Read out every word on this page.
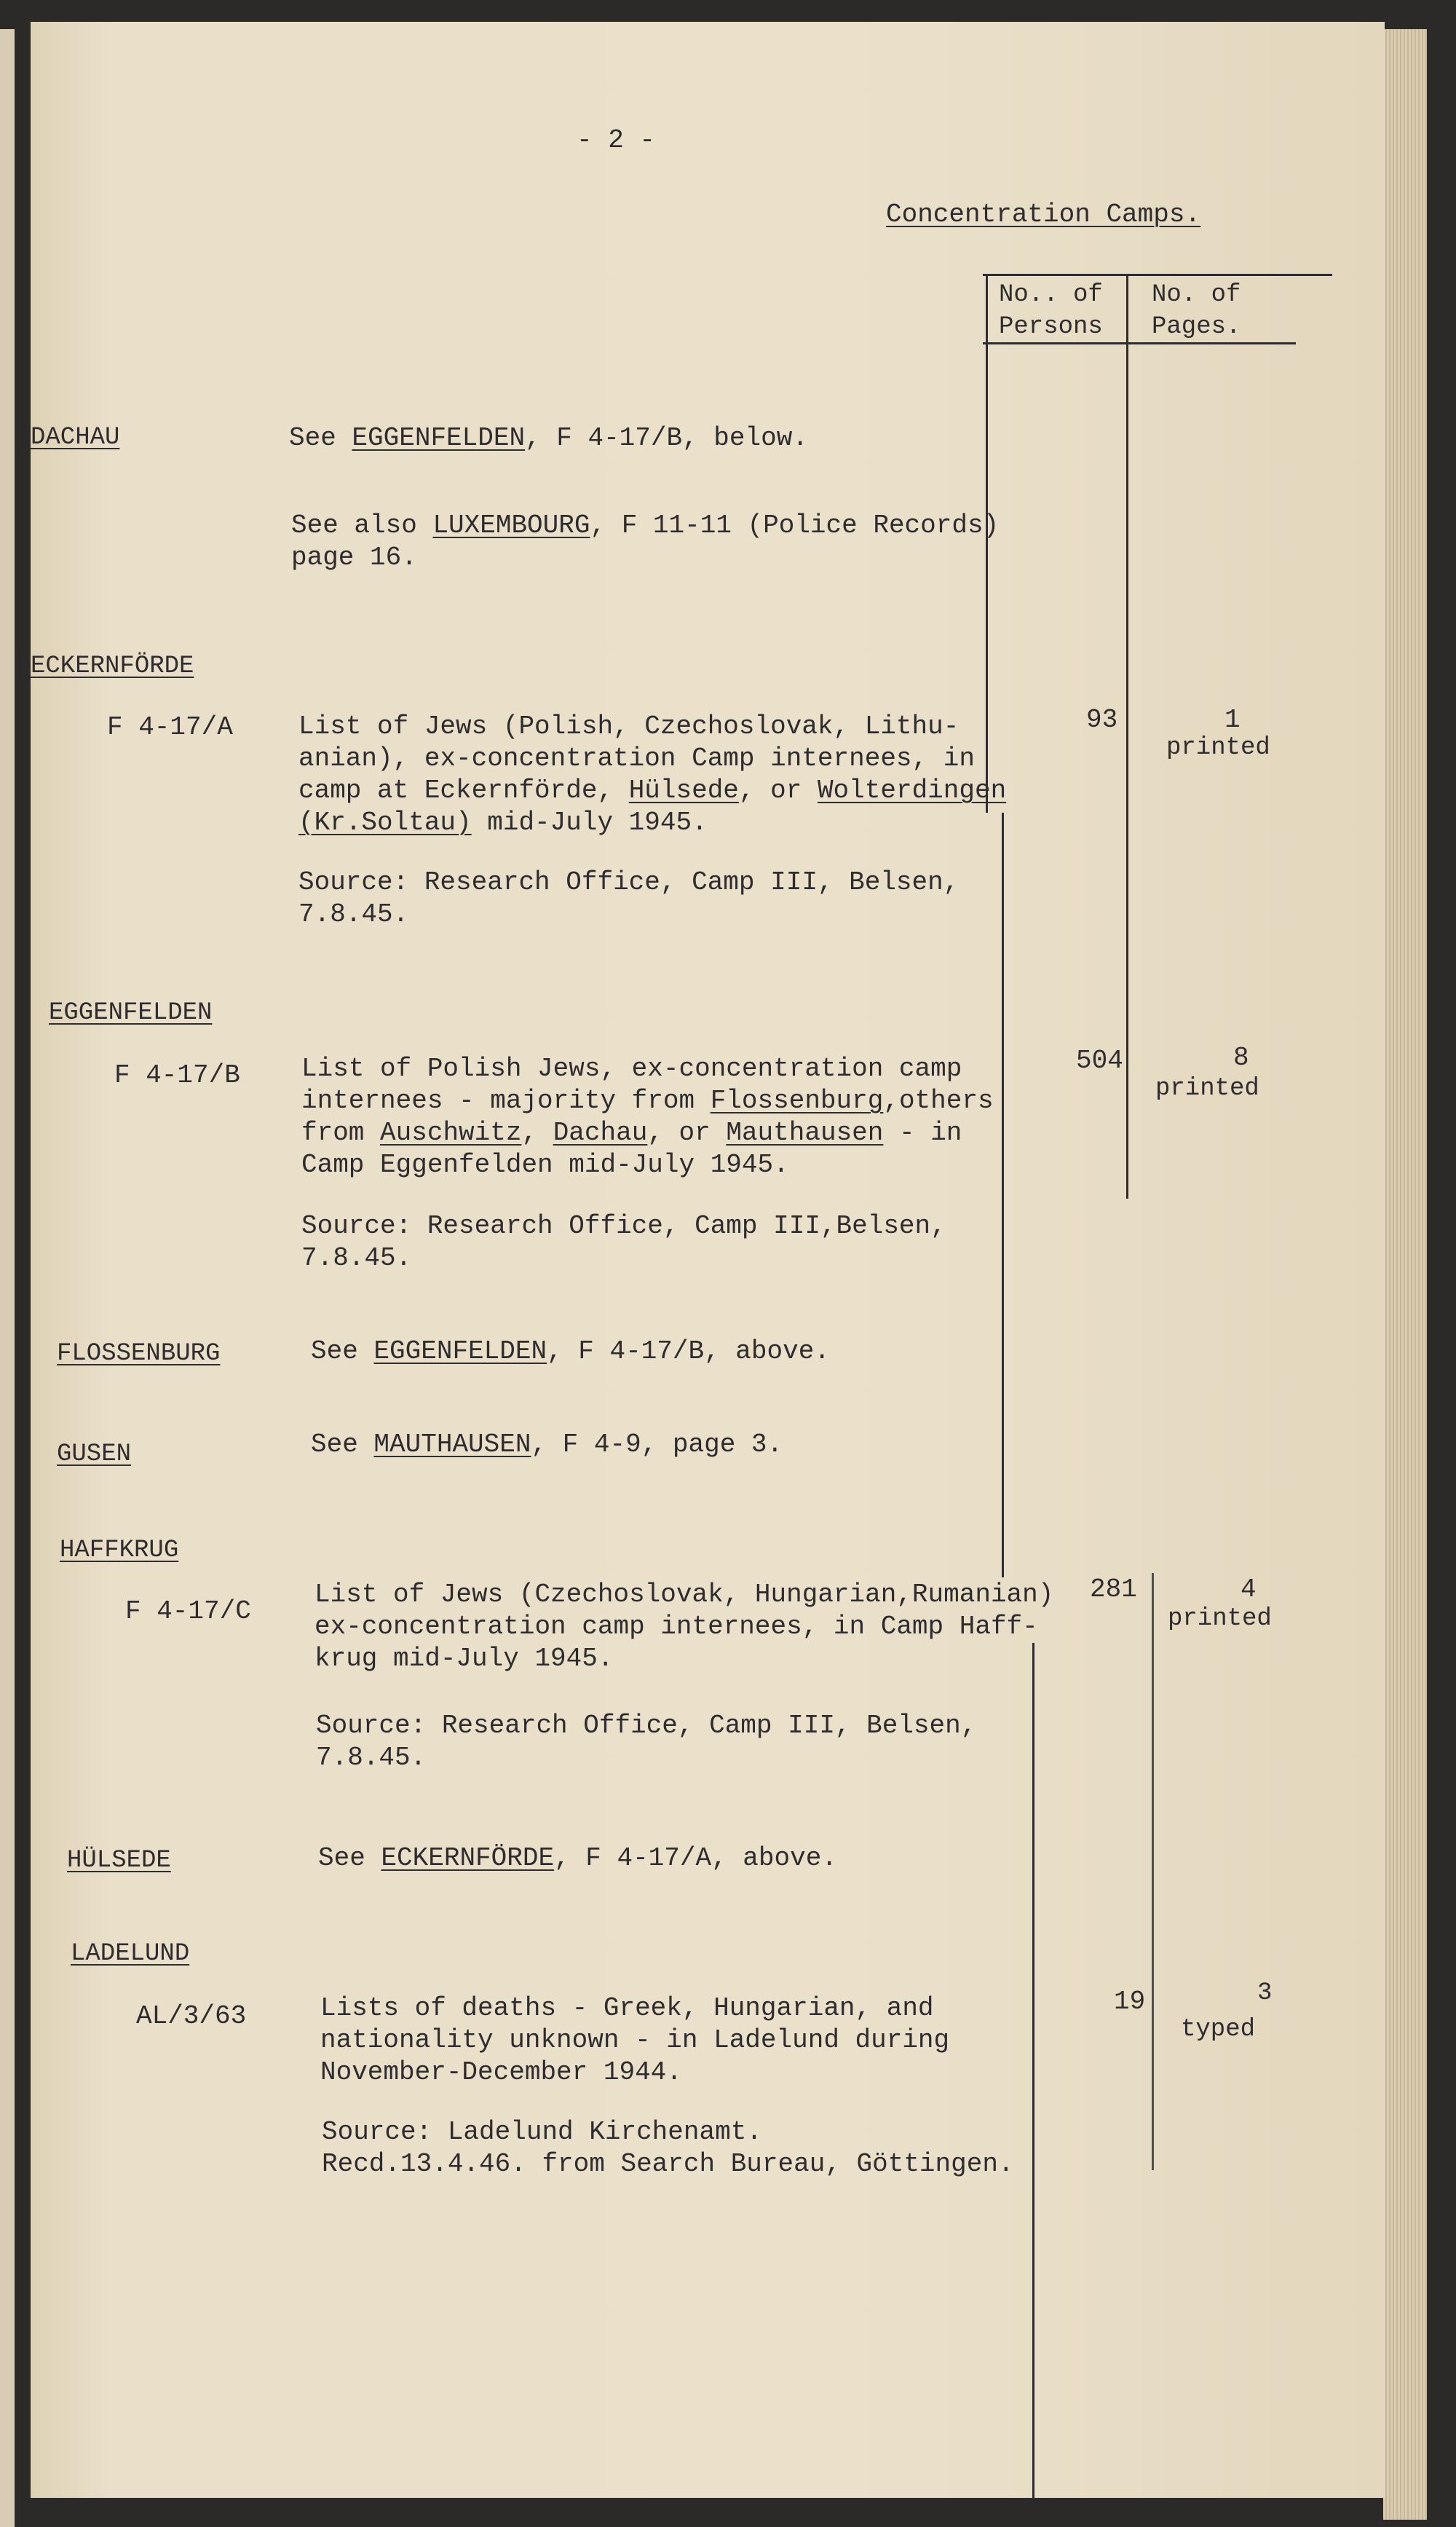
- 2 -
Concentration Camps.
No.. of
Persons
No. of
Pages.
DACHAU	See EGGENFELDEN, F 4-17/B, below.
See also LUXEMBOURG, F 11-11 (Police Records)
page 16.
ECKERNFÖRDE
F 4-17/A	List of Jews (Polish, Czechoslovak, Lithu-
anian), ex-concentration Camp internees, in
camp at Eckernförde, Hülsede, or Wolterdingen
(Kr.Soltau) mid-July 1945.
Source: Research Office, Camp III, Belsen,
7.8.45.
93	1
printed
EGGENFELDEN
F 4-17/B List of Polish Jews, ex-concentration camp
internees - majority from Flossenburg,others
from Auschwitz, Dachau, or Mauthausen - in
Camp Eggenfelden mid-July 1945.
Source: Research Office, Camp III,Belsen,
7.8.45.
504	8
printed
FLOSSENBURG	See EGGENFELDEN, F 4-17/B, above.
GUSEN	See MAUTHAUSEN, F 4-9, page 3.
HAFFKRUG
F 4-17/C
List of Jews (Czechoslovak, Hungarian,Rumanian)
ex-concentration camp internees, in Camp Haff-
krug mid-July 1945.
Source: Research Office, Camp III, Belsen,
7.8.45.
281	4
printed
HÜLSEDE	See ECKERNFÖRDE, F 4-17/A, above.
LADELUND
AL/3/63	Lists of deaths - Greek, Hungarian, and
nationality unknown - in Ladelund during
November-December 1944.
Source: Ladelund Kirchenamt.
Recd.13.4.46. from Search Bureau, Göttingen.
19	3
typed
